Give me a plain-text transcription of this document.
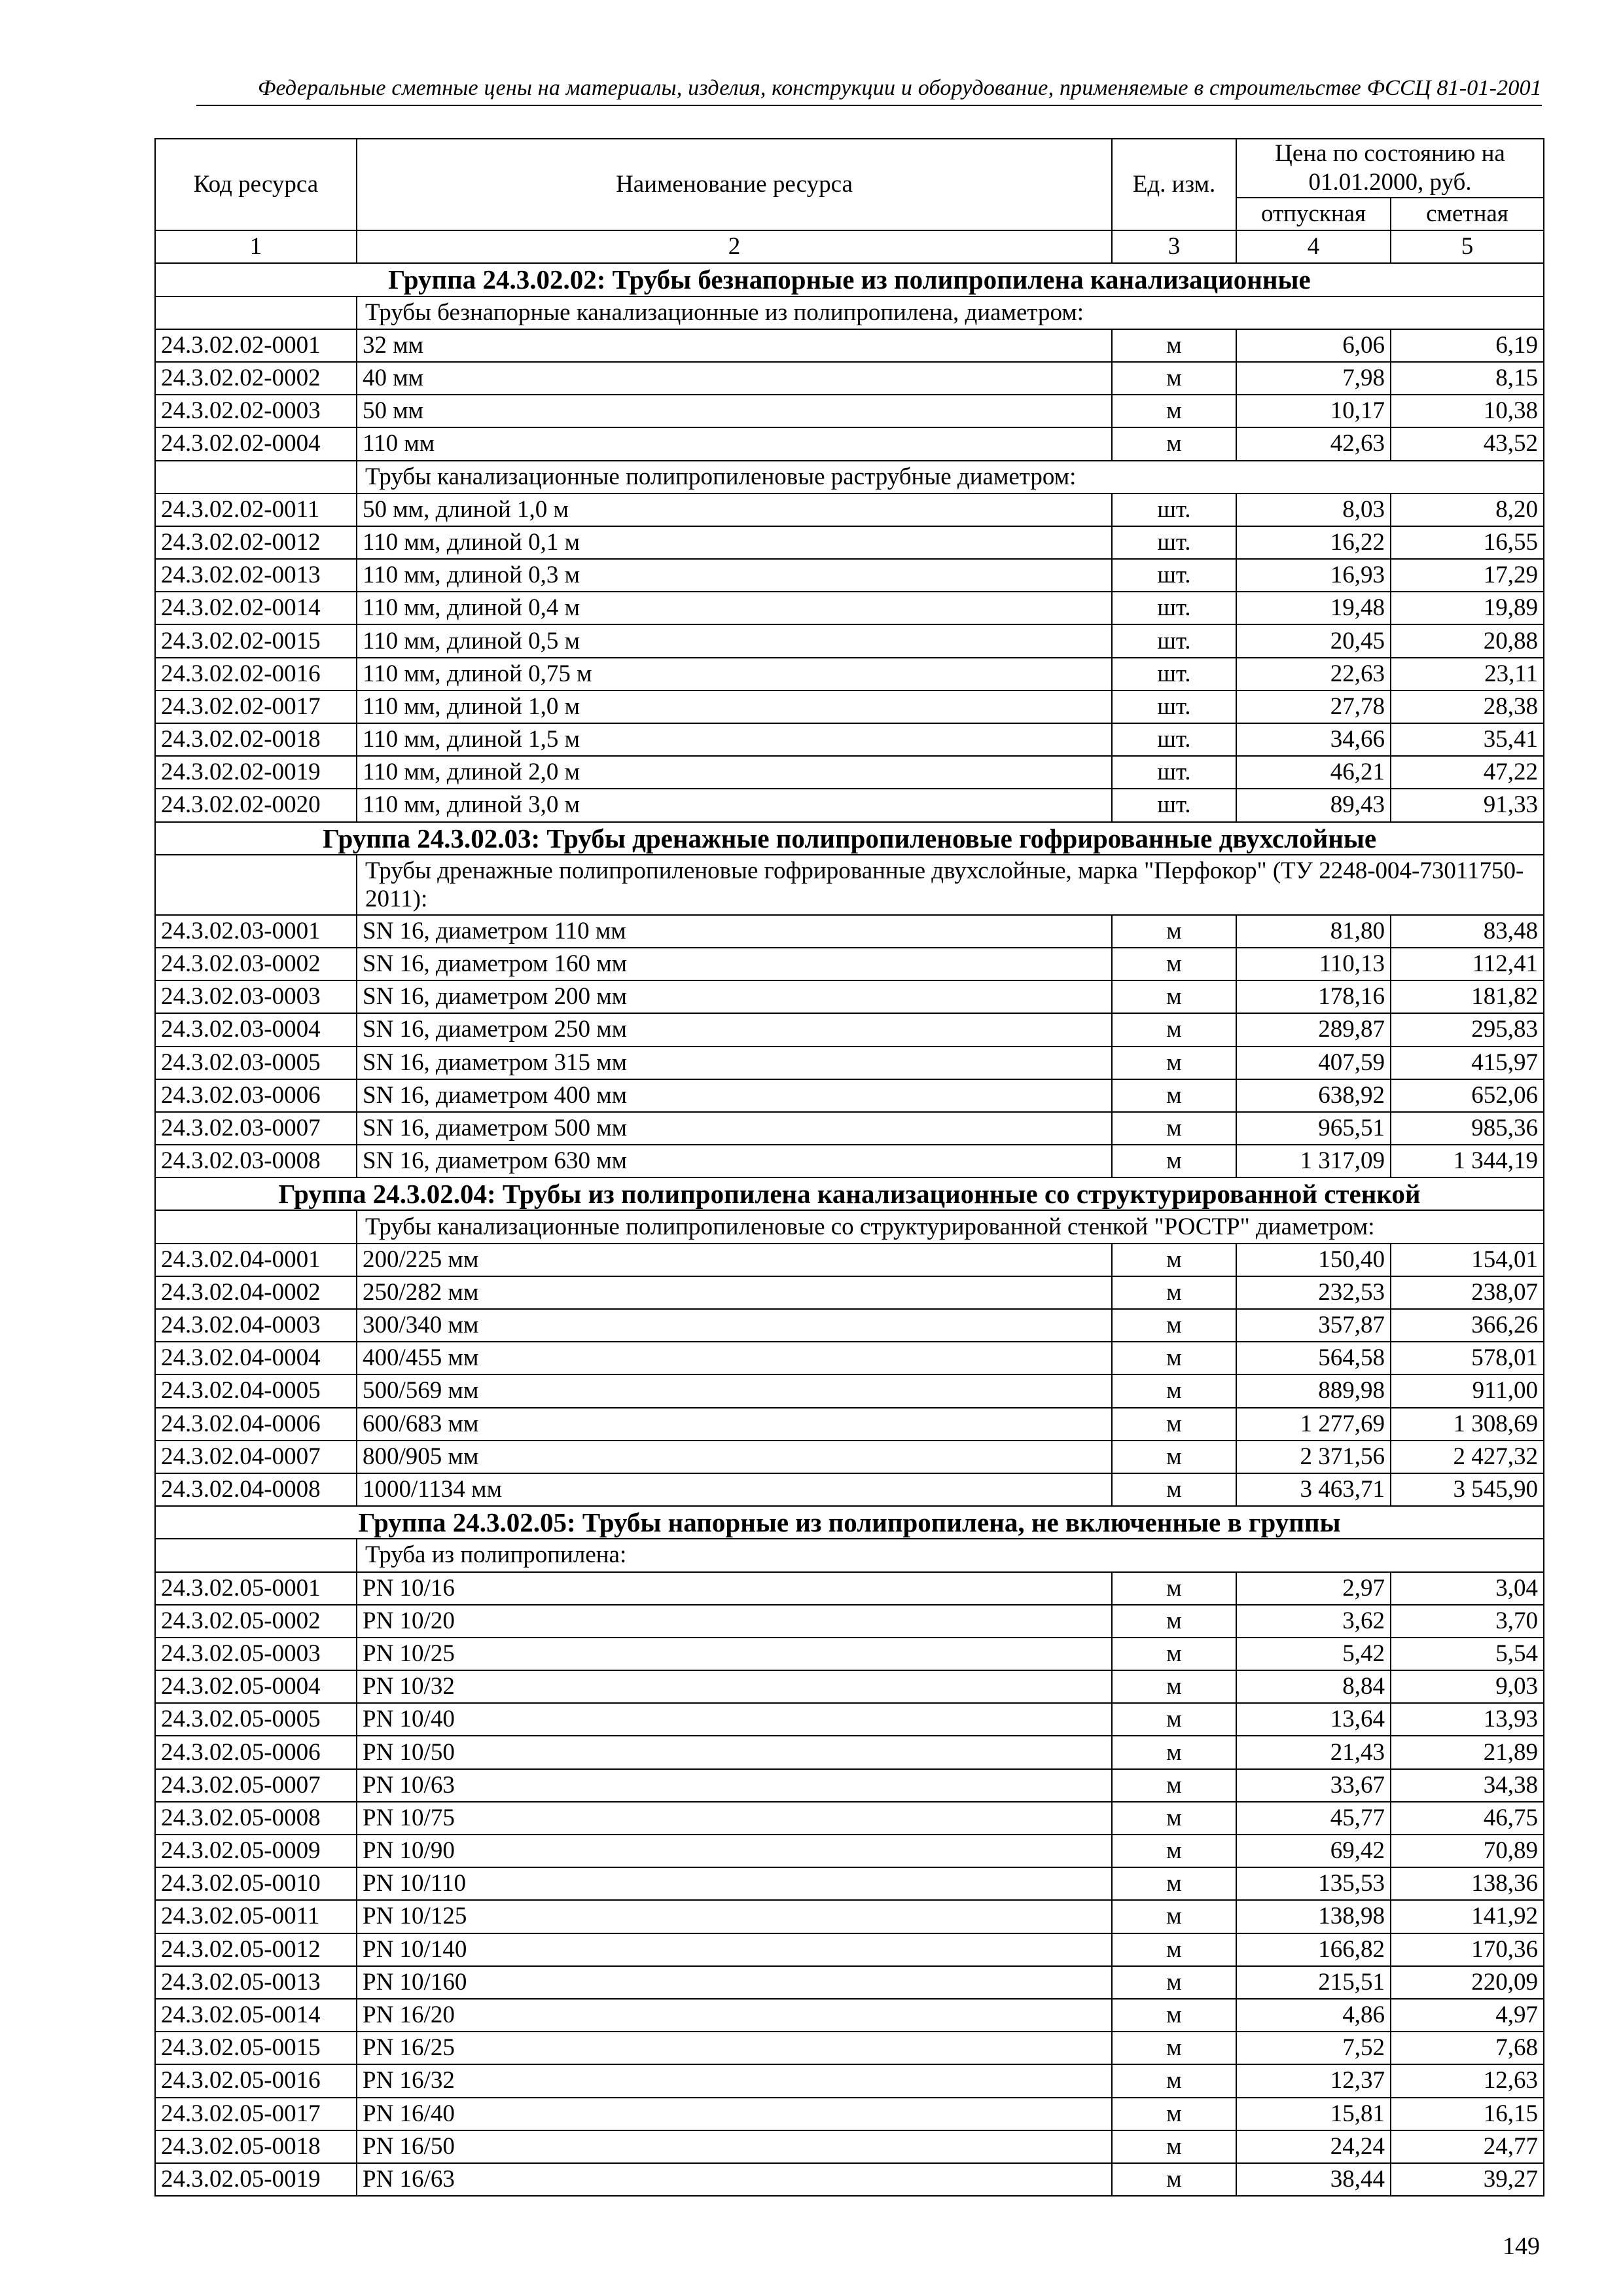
Федеральные сметные цены на материалы, изделия, конструкции и оборудование, применяемые в строительстве ФССЦ 81-01-2001
Код ресурса	Наименование ресурса	Ед. изм.	Цена по состоянию на 01.01.2000, руб.	
			отпускная	сметная
1	2	3	4	5
Группа 24.3.02.02: Трубы безнапорные из полипропилена канализационные				
	Трубы безнапорные канализационные из полипропилена, диаметром:			
24.3.02.02-0001	32 мм	м	6,06	6,19
24.3.02.02-0002	40 мм	м	7,98	8,15
24.3.02.02-0003	50 мм	м	10,17	10,38
24.3.02.02-0004	110 мм	м	42,63	43,52
	Трубы канализационные полипропиленовые раструбные диаметром:			
24.3.02.02-0011	50 мм, длиной 1,0 м	шт.	8,03	8,20
24.3.02.02-0012	110 мм, длиной 0,1 м	шт.	16,22	16,55
24.3.02.02-0013	110 мм, длиной 0,3 м	шт.	16,93	17,29
24.3.02.02-0014	110 мм, длиной 0,4 м	шт.	19,48	19,89
24.3.02.02-0015	110 мм, длиной 0,5 м	шт.	20,45	20,88
24.3.02.02-0016	110 мм, длиной 0,75 м	шт.	22,63	23,11
24.3.02.02-0017	110 мм, длиной 1,0 м	шт.	27,78	28,38
24.3.02.02-0018	110 мм, длиной 1,5 м	шт.	34,66	35,41
24.3.02.02-0019	110 мм, длиной 2,0 м	шт.	46,21	47,22
24.3.02.02-0020	110 мм, длиной 3,0 м	шт.	89,43	91,33
Группа 24.3.02.03: Трубы дренажные полипропиленовые гофрированные двухслойные				
	Трубы дренажные полипропиленовые гофрированные двухслойные, марка "Перфокор" (ТУ 2248-004-73011750-2011):			
24.3.02.03-0001	SN 16, диаметром 110 мм	м	81,80	83,48
24.3.02.03-0002	SN 16, диаметром 160 мм	м	110,13	112,41
24.3.02.03-0003	SN 16, диаметром 200 мм	м	178,16	181,82
24.3.02.03-0004	SN 16, диаметром 250 мм	м	289,87	295,83
24.3.02.03-0005	SN 16, диаметром 315 мм	м	407,59	415,97
24.3.02.03-0006	SN 16, диаметром 400 мм	м	638,92	652,06
24.3.02.03-0007	SN 16, диаметром 500 мм	м	965,51	985,36
24.3.02.03-0008	SN 16, диаметром 630 мм	м	1 317,09	1 344,19
Группа 24.3.02.04: Трубы из полипропилена канализационные со структурированной стенкой				
	Трубы канализационные полипропиленовые со структурированной стенкой "РОСТР" диаметром:			
24.3.02.04-0001	200/225 мм	м	150,40	154,01
24.3.02.04-0002	250/282 мм	м	232,53	238,07
24.3.02.04-0003	300/340 мм	м	357,87	366,26
24.3.02.04-0004	400/455 мм	м	564,58	578,01
24.3.02.04-0005	500/569 мм	м	889,98	911,00
24.3.02.04-0006	600/683 мм	м	1 277,69	1 308,69
24.3.02.04-0007	800/905 мм	м	2 371,56	2 427,32
24.3.02.04-0008	1000/1134 мм	м	3 463,71	3 545,90
Группа 24.3.02.05: Трубы напорные из полипропилена, не включенные в группы				
	Труба из полипропилена:			
24.3.02.05-0001	PN 10/16	м	2,97	3,04
24.3.02.05-0002	PN 10/20	м	3,62	3,70
24.3.02.05-0003	PN 10/25	м	5,42	5,54
24.3.02.05-0004	PN 10/32	м	8,84	9,03
24.3.02.05-0005	PN 10/40	м	13,64	13,93
24.3.02.05-0006	PN 10/50	м	21,43	21,89
24.3.02.05-0007	PN 10/63	м	33,67	34,38
24.3.02.05-0008	PN 10/75	м	45,77	46,75
24.3.02.05-0009	PN 10/90	м	69,42	70,89
24.3.02.05-0010	PN 10/110	м	135,53	138,36
24.3.02.05-0011	PN 10/125	м	138,98	141,92
24.3.02.05-0012	PN 10/140	м	166,82	170,36
24.3.02.05-0013	PN 10/160	м	215,51	220,09
24.3.02.05-0014	PN 16/20	м	4,86	4,97
24.3.02.05-0015	PN 16/25	м	7,52	7,68
24.3.02.05-0016	PN 16/32	м	12,37	12,63
24.3.02.05-0017	PN 16/40	м	15,81	16,15
24.3.02.05-0018	PN 16/50	м	24,24	24,77
24.3.02.05-0019	PN 16/63	м	38,44	39,27
149
